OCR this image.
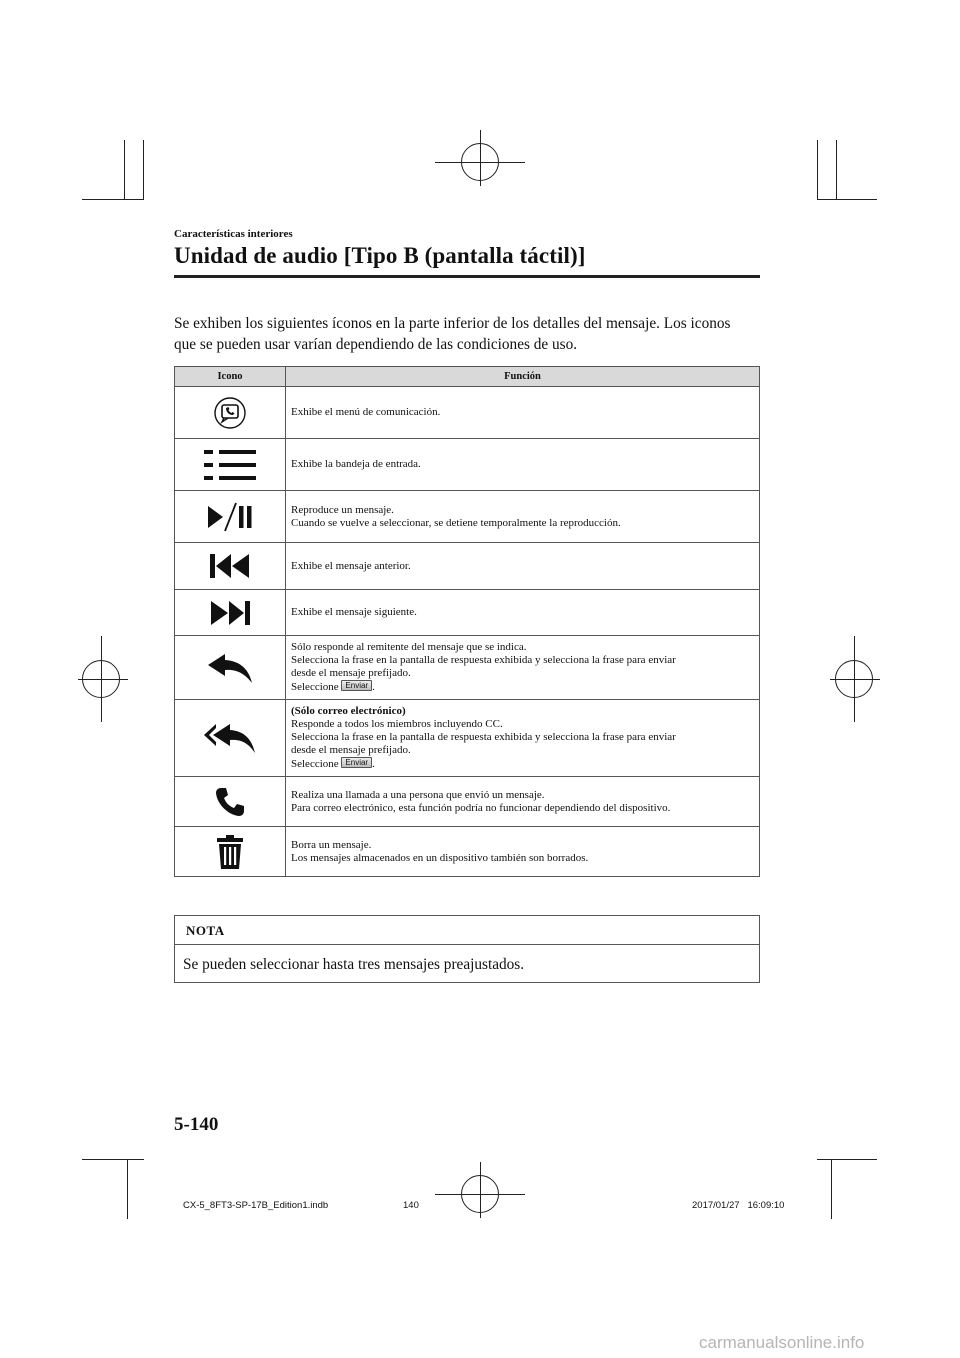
Características interiores
Unidad de audio [Tipo B (pantalla táctil)]
Se exhiben los siguientes íconos en la parte inferior de los detalles del mensaje. Los iconos
que se pueden usar varían dependiendo de las condiciones de uso.
Icono	Función

Exhibe el menú de comunicación.

Exhibe la bandeja de entrada.

Reproduce un mensaje.
Cuando se vuelve a seleccionar, se detiene temporalmente la reproducción.

Exhibe el mensaje anterior.

Exhibe el mensaje siguiente.

Sólo responde al remitente del mensaje que se indica.
Selecciona la frase en la pantalla de respuesta exhibida y selecciona la frase para enviar
desde el mensaje prefijado.
Seleccione Enviar .

(Sólo correo electrónico)
Responde a todos los miembros incluyendo CC.
Selecciona la frase en la pantalla de respuesta exhibida y selecciona la frase para enviar
desde el mensaje prefijado.
Seleccione Enviar .

Realiza una llamada a una persona que envió un mensaje.
Para correo electrónico, esta función podría no funcionar dependiendo del dispositivo.

Borra un mensaje.
Los mensajes almacenados en un dispositivo también son borrados.
NOTA
Se pueden seleccionar hasta tres mensajes preajustados.
5-140
CX-5_8FT3-SP-17B_Edition1.indb	140	2017/01/27   16:09:10
carmanualsonline.info
